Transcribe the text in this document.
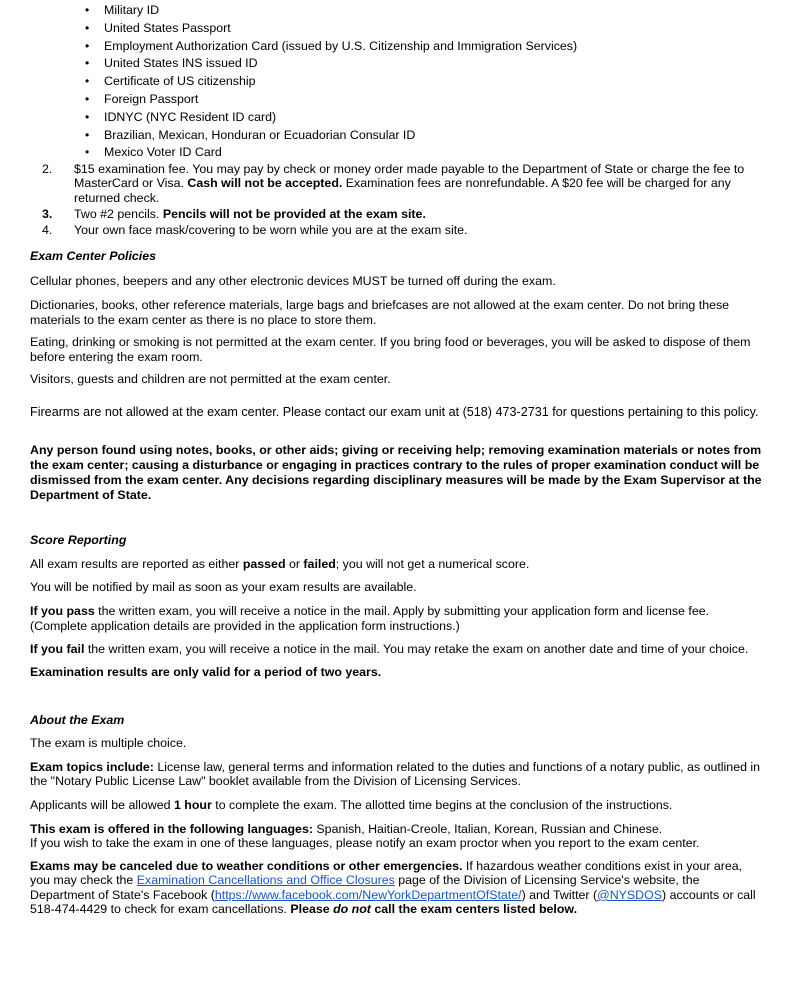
• Military ID
• United States Passport
• Employment Authorization Card (issued by U.S. Citizenship and Immigration Services)
• United States INS issued ID
• Certificate of US citizenship
• Foreign Passport
• IDNYC (NYC Resident ID card)
• Brazilian, Mexican, Honduran or Ecuadorian Consular ID
• Mexico Voter ID Card
2. $15 examination fee. You may pay by check or money order made payable to the Department of State or charge the fee to MasterCard or Visa. Cash will not be accepted. Examination fees are nonrefundable. A $20 fee will be charged for any returned check.
3. Two #2 pencils. Pencils will not be provided at the exam site.
4. Your own face mask/covering to be worn while you are at the exam site.
Exam Center Policies

Cellular phones, beepers and any other electronic devices MUST be turned off during the exam.

Dictionaries, books, other reference materials, large bags and briefcases are not allowed at the exam center. Do not bring these materials to the exam center as there is no place to store them.

Eating, drinking or smoking is not permitted at the exam center. If you bring food or beverages, you will be asked to dispose of them before entering the exam room.

Visitors, guests and children are not permitted at the exam center.

Firearms are not allowed at the exam center. Please contact our exam unit at (518) 473-2731 for questions pertaining to this policy.

Any person found using notes, books, or other aids; giving or receiving help; removing examination materials or notes from the exam center; causing a disturbance or engaging in practices contrary to the rules of proper examination conduct will be dismissed from the exam center. Any decisions regarding disciplinary measures will be made by the Exam Supervisor at the Department of State.

Score Reporting

All exam results are reported as either passed or failed; you will not get a numerical score.

You will be notified by mail as soon as your exam results are available.

If you pass the written exam, you will receive a notice in the mail. Apply by submitting your application form and license fee. (Complete application details are provided in the application form instructions.)

If you fail the written exam, you will receive a notice in the mail. You may retake the exam on another date and time of your choice.

Examination results are only valid for a period of two years.

About the Exam

The exam is multiple choice.

Exam topics include: License law, general terms and information related to the duties and functions of a notary public, as outlined in the "Notary Public License Law" booklet available from the Division of Licensing Services.

Applicants will be allowed 1 hour to complete the exam. The allotted time begins at the conclusion of the instructions.

This exam is offered in the following languages: Spanish, Haitian-Creole, Italian, Korean, Russian and Chinese.
If you wish to take the exam in one of these languages, please notify an exam proctor when you report to the exam center.

Exams may be canceled due to weather conditions or other emergencies. If hazardous weather conditions exist in your area, you may check the Examination Cancellations and Office Closures page of the Division of Licensing Service's website, the Department of State's Facebook (https://www.facebook.com/NewYorkDepartmentOfState/) and Twitter (@NYSDOS) accounts or call 518-474-4429 to check for exam cancellations. Please do not call the exam centers listed below.
